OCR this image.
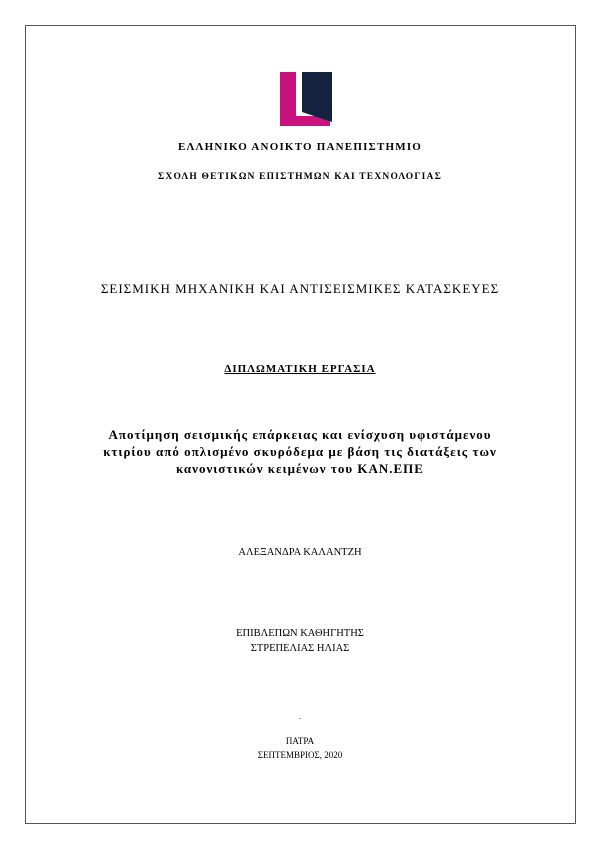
ΕΛΛΗΝΙΚΟ ΑΝΟΙΚΤΟ ΠΑΝΕΠΙΣΤΗΜΙΟ
ΣΧΟΛΗ ΘΕΤΙΚΩΝ ΕΠΙΣΤΗΜΩΝ ΚΑΙ ΤΕΧΝΟΛΟΓΙΑΣ
ΣΕΙΣΜΙΚΗ ΜΗΧΑΝΙΚΗ ΚΑΙ ΑΝΤΙΣΕΙΣΜΙΚΕΣ ΚΑΤΑΣΚΕΥΕΣ
ΔΙΠΛΩΜΑΤΙΚΗ ΕΡΓΑΣΙΑ
Αποτίμηση σεισμικής επάρκειας και ενίσχυση υφιστάμενου
κτιρίου από οπλισμένο σκυρόδεμα με βάση τις διατάξεις των
κανονιστικών κειμένων του ΚΑΝ.ΕΠΕ
ΑΛΕΞΑΝΔΡΑ ΚΑΛΑΝΤΖΗ
ΕΠΙΒΛΕΠΩΝ ΚΑΘΗΓΗΤΗΣ
ΣΤΡΕΠΕΛΙΑΣ ΗΛΙΑΣ
.
ΠΑΤΡΑ
ΣΕΠΤΕΜΒΡΙΟΣ, 2020
